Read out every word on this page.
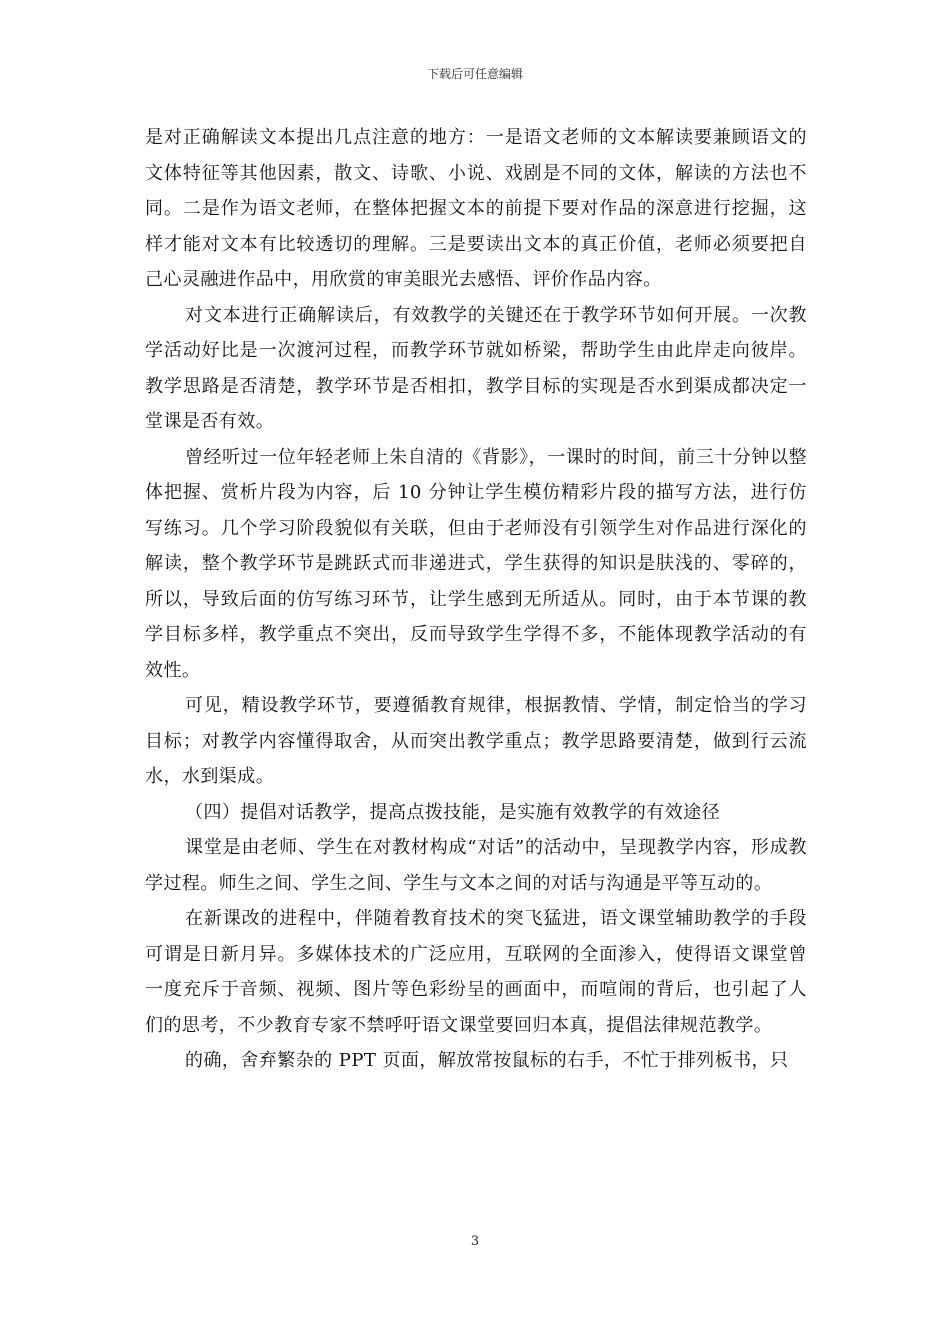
下载后可任意编辑

是对正确解读文本提出几点注意的地方：一是语文老师的文本解读要兼顾语文的文体特征等其他因素，散文、诗歌、小说、戏剧是不同的文体，解读的方法也不同。二是作为语文老师，在整体把握文本的前提下要对作品的深意进行挖掘，这样才能对文本有比较透切的理解。三是要读出文本的真正价值，老师必须要把自己心灵融进作品中，用欣赏的审美眼光去感悟、评价作品内容。

对文本进行正确解读后，有效教学的关键还在于教学环节如何开展。一次教学活动好比是一次渡河过程，而教学环节就如桥梁，帮助学生由此岸走向彼岸。教学思路是否清楚，教学环节是否相扣，教学目标的实现是否水到渠成都决定一堂课是否有效。

曾经听过一位年轻老师上朱自清的《背影》，一课时的时间，前三十分钟以整体把握、赏析片段为内容，后 10 分钟让学生模仿精彩片段的描写方法，进行仿写练习。几个学习阶段貌似有关联，但由于老师没有引领学生对作品进行深化的解读，整个教学环节是跳跃式而非递进式，学生获得的知识是肤浅的、零碎的，所以，导致后面的仿写练习环节，让学生感到无所适从。同时，由于本节课的教学目标多样，教学重点不突出，反而导致学生学得不多，不能体现教学活动的有效性。

可见，精设教学环节，要遵循教育规律，根据教情、学情，制定恰当的学习目标；对教学内容懂得取舍，从而突出教学重点；教学思路要清楚，做到行云流水，水到渠成。

（四）提倡对话教学，提高点拨技能，是实施有效教学的有效途径

课堂是由老师、学生在对教材构成“对话”的活动中，呈现教学内容，形成教学过程。师生之间、学生之间、学生与文本之间的对话与沟通是平等互动的。

在新课改的进程中，伴随着教育技术的突飞猛进，语文课堂辅助教学的手段可谓是日新月异。多媒体技术的广泛应用，互联网的全面渗入，使得语文课堂曾一度充斥于音频、视频、图片等色彩纷呈的画面中，而喧闹的背后，也引起了人们的思考，不少教育专家不禁呼吁语文课堂要回归本真，提倡法律规范教学。

的确，舍弃繁杂的 PPT 页面，解放常按鼠标的右手，不忙于排列板书，只

3
